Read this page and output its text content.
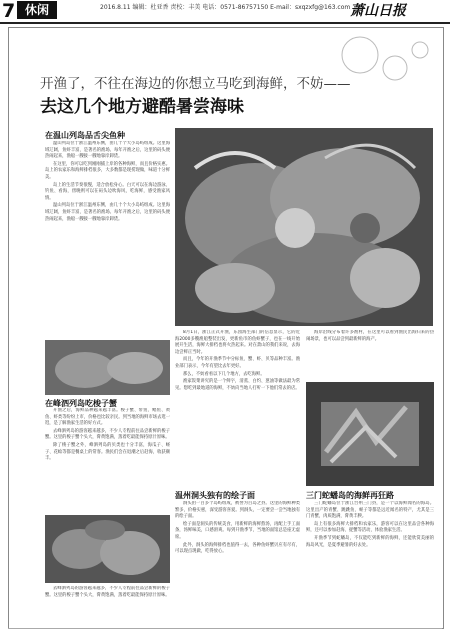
7 休闲	2016.8.11 编辑：杜亚香 责校：丰美 电话：0571-86757150 E-mail：sxqzxfg@163.com 萧山日报
开渔了，不往在海边的你想立马吃到海鲜，不妨——
去这几个地方避酷暑尝海味
在温山列岛品舌尖鱼种

温山列岛位于浙江温州东侧，由几十个大小岛屿组成。这里海域辽阔，鱼虾丰富，是著名的渔场。每年开渔之后，这里的码头便热闹起来，渔船一艘接一艘地靠岸卸货。

在这里，你可以吃到刚刚捕上岸的各种海鲜，而且价格实惠。岛上的农家乐和海鲜排档很多，大多数都是现捞现做，味道十分鲜美。

岛上的生活节奏很慢，适合放松身心。白天可以在海边游泳、钓鱼、看海，傍晚则可以在码头边吹海风，吃海鲜，感受渔家风情。

温山列岛位于浙江温州东侧，由几十个大小岛屿组成。这里海域辽阔，鱼虾丰富，是著名的渔场。每年开渔之后，这里的码头便热闹起来，渔船一艘接一艘地靠岸卸货。

在峰泗列岛吃梭子蟹

开渔之后，海鲜品种越来越丰富。梭子蟹、带鱼、鲳鱼、黄鱼、虾类等纷纷上市，价格也比较亲民。到当地的海鲜市场去逛一逛，是了解渔家生活的好方式。

去峰泗列岛的游客越来越多，不少人专程前往品尝新鲜的梭子蟹。这里的梭子蟹个头大，膏黄饱满，蒸着吃最能保持原汁原味。

除了梭子蟹之外，峰泗列岛的贝类也十分丰富，海瓜子、蛏子、花蛤等都是餐桌上的常客。渔民们会在退潮之后赶海，收获颇丰。

去峰泗列岛的游客越来越多，不少人专程前往品尝新鲜的梭子蟹。这里的梭子蟹个头大，膏黄饱满，蒸着吃最能保持原汁原味。

8月1日，浙江正式开渔，东园海生部门的信息显示，它的近海2000多艘渔船整装出发，更新鱼市的鱼虾蟹子，也在一线开始展开生活，海鲜大排档也将火热起来。对在萧山的我们来说，去海边尝鲜正当时。

而且，今年的开渔季节中分标鱼、蟹、虾、贝等品种丰富。渔业部门表示，今年有望比去年更好。

那么，不妨看看以下几个地方，去吃海鲜。

渔家饭菜讲究的是一个鲜字，清蒸、白灼、葱油等做法最为常见。想吃到最地道的海鲜，不妨向当地人打听一下他们常去的店。

温州洞头独有的绘子面

洞头由一百多个岛屿组成，被誉为百岛之县。这里的海鲜种类繁多，价格实惠，深受游客喜爱。到洞头，一定要尝一尝当地独有的绘子面。

绘子面是洞头的传统美食，用新鲜的海鲜熬汤，再配上手工面条，汤鲜味美，口感滑爽。每到开渔季节，当地的面馆总是座无虚席。

此外，洞头的海鲜排档也值得一去，各种鱼虾蟹贝应有尽有，可以现点现做，吃得放心。

海岸沿线分布着许多渔村，在这里可以看到渔民出海归来的热闹场景，也可以品尝到最新鲜的海产。

三门蛇蟠岛的海鲜再狂路

三门蛇蟠岛位于浙江台州三门县，是一个以海鲜闻名的海岛。这里出产的青蟹、跳跳鱼、蛏子等都是远近闻名的特产，尤其是三门青蟹，肉质饱满，膏黄丰腴。

岛上有很多海鲜大排档和农家乐，游客可以在这里品尝各种海鲜，还可以参加赶海、捉蟹等活动，体验渔家生活。

开渔季节到蛇蟠岛，不仅能吃到新鲜的海鲜，还能欣赏美丽的海岛风光，是夏季避暑的好去处。
